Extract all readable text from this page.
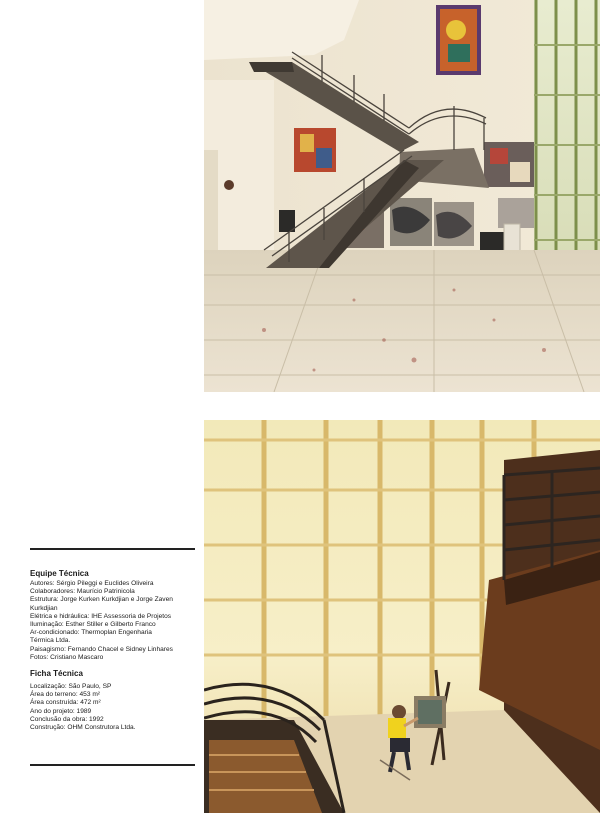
Equipe Técnica

Autores: Sérgio Pileggi e Euclides Oliveira

Colaboradores: Maurício Patrinicola

Estrutura: Jorge Kurken Kurkdjian e Jorge Zaven

Kurkdjian

Elétrica e hidráulica: IHE Assessoria de Projetos

Iluminação: Esther Stiller e Gilberto Franco

Ar-condicionado: Thermoplan Engenharia

Térmica Ltda.

Paisagismo: Fernando Chacel e Sidney Linhares

Fotos: Cristiano Mascaro

Ficha Técnica

Localização: São Paulo, SP

Área do terreno: 453 m²

Área construída: 472 m²

Ano do projeto: 1989

Conclusão da obra: 1992

Construção: OHM Construtora Ltda.
